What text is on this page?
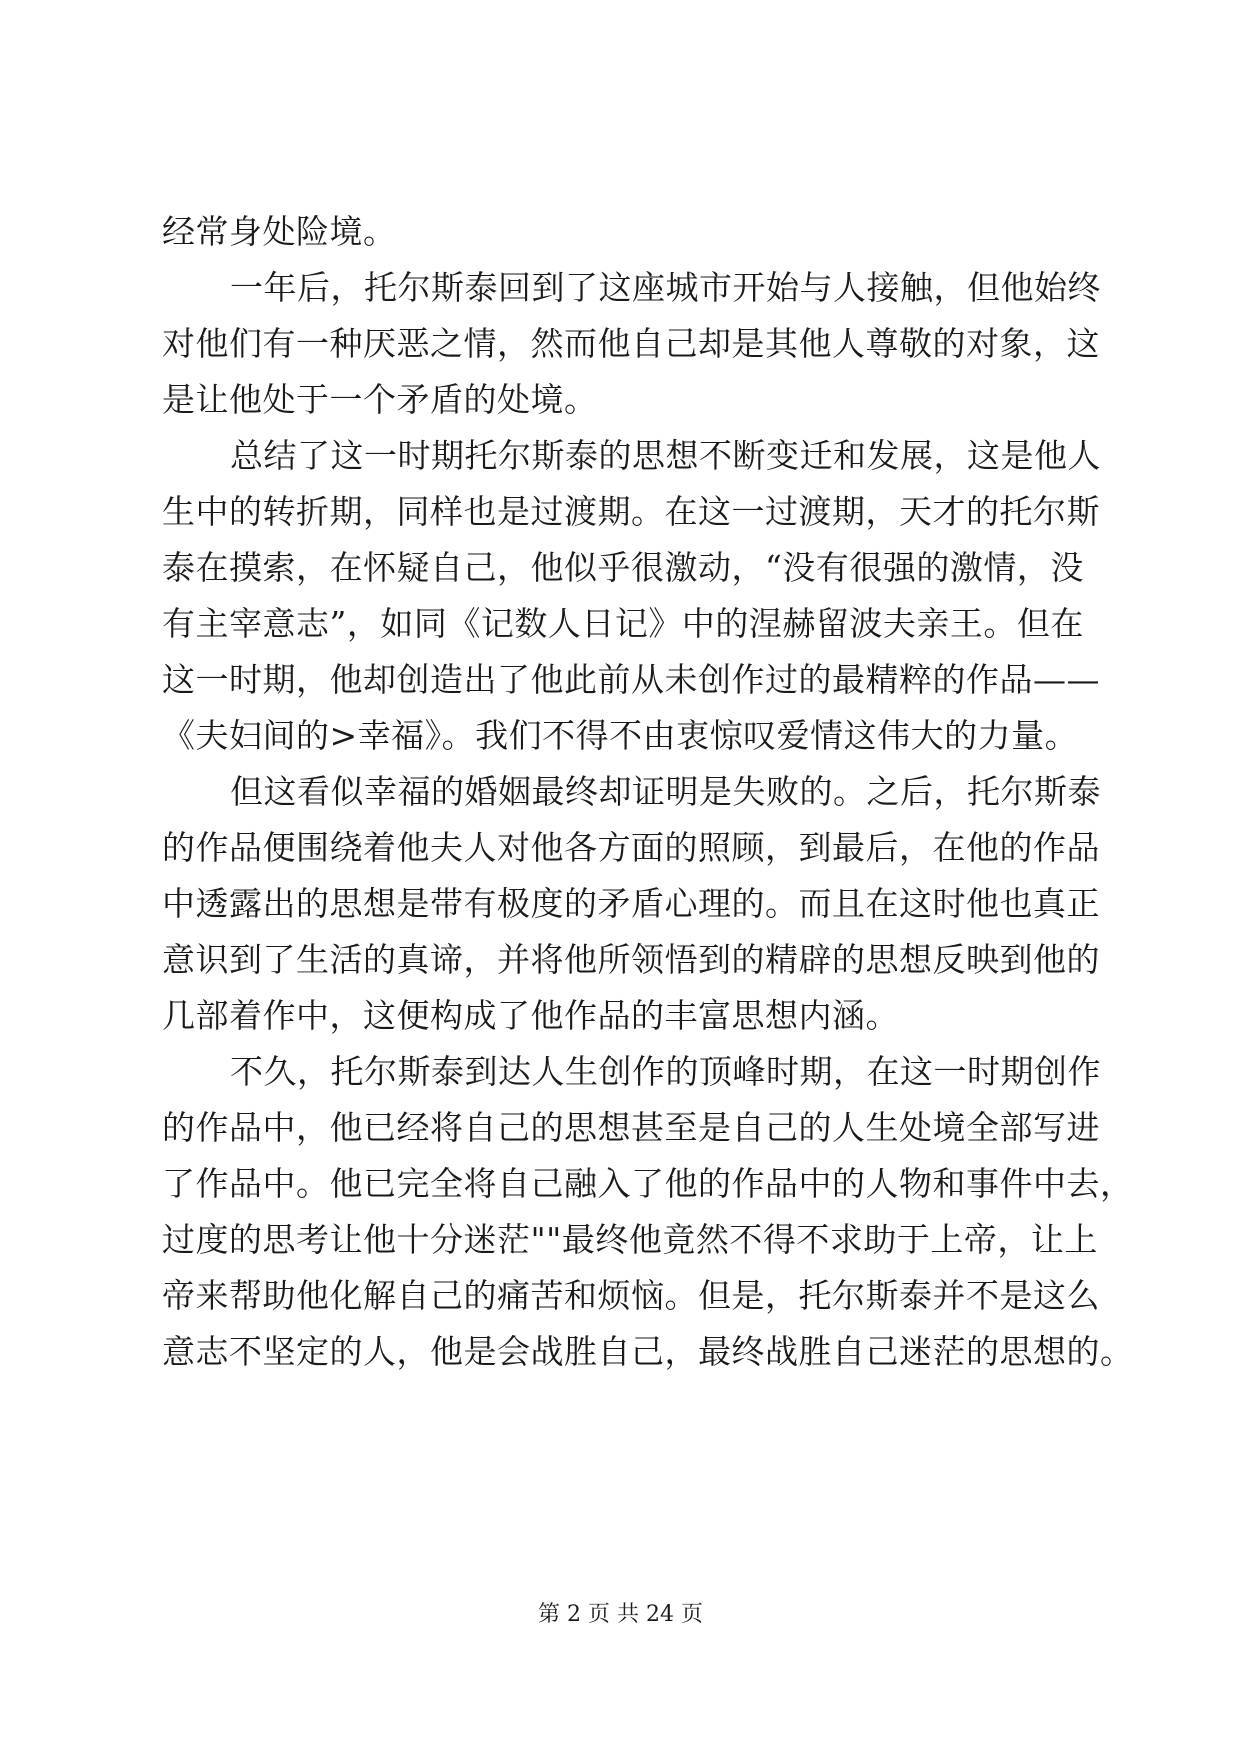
经常身处险境。
一年后，托尔斯泰回到了这座城市开始与人接触，但他始终
对他们有一种厌恶之情，然而他自己却是其他人尊敬的对象，这
是让他处于一个矛盾的处境。
总结了这一时期托尔斯泰的思想不断变迁和发展，这是他人
生中的转折期，同样也是过渡期。在这一过渡期，天才的托尔斯
泰在摸索，在怀疑自己，他似乎很激动，“没有很强的激情，没
有主宰意志”，如同《记数人日记》中的涅赫留波夫亲王。但在
这一时期，他却创造出了他此前从未创作过的最精粹的作品——
《夫妇间的>幸福》。我们不得不由衷惊叹爱情这伟大的力量。
但这看似幸福的婚姻最终却证明是失败的。之后，托尔斯泰
的作品便围绕着他夫人对他各方面的照顾，到最后，在他的作品
中透露出的思想是带有极度的矛盾心理的。而且在这时他也真正
意识到了生活的真谛，并将他所领悟到的精辟的思想反映到他的
几部着作中，这便构成了他作品的丰富思想内涵。
不久，托尔斯泰到达人生创作的顶峰时期，在这一时期创作
的作品中，他已经将自己的思想甚至是自己的人生处境全部写进
了作品中。他已完全将自己融入了他的作品中的人物和事件中去，
过度的思考让他十分迷茫""最终他竟然不得不求助于上帝，让上
帝来帮助他化解自己的痛苦和烦恼。但是，托尔斯泰并不是这么
意志不坚定的人，他是会战胜自己，最终战胜自己迷茫的思想的。
第 2 页 共 24 页
